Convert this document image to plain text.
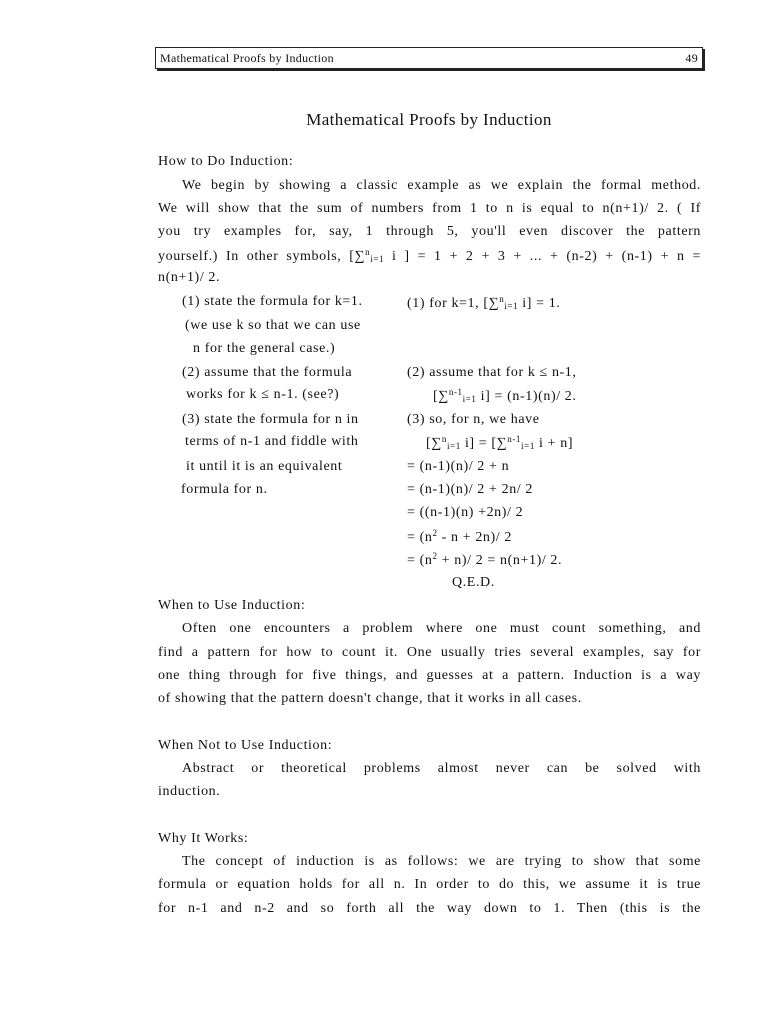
Mathematical Proofs by Induction	49
Mathematical Proofs by Induction
How to Do Induction:
We begin by showing a classic example as we explain the formal method.
We will show that the sum of numbers from 1 to n is equal to n(n+1)/ 2. ( If
you try examples for, say, 1 through 5, you'll even discover the pattern
yourself.) In other symbols, [∑$^n_{i=1}$ i ] = 1 + 2 + 3 + ... + (n-2) + (n-1) + n =
n(n+1)/ 2.
(1) state the formula for k=1.
(we use k so that we can use
n for the general case.)
(2) assume that the formula
works for k ≤ n-1. (see?)
(3) state the formula for n in
terms of n-1 and fiddle with
it until it is an equivalent
formula for n.
(1) for k=1, [∑$^n_{i=1}$ i] = 1.
(2) assume that for k ≤ n-1,
[∑$^{n-1}_{i=1}$ i] = (n-1)(n)/ 2.
(3) so, for n, we have
[∑$^n_{i=1}$ i] = [∑$^{n-1}_{i=1}$ i + n]
= (n-1)(n)/ 2 + n
= (n-1)(n)/ 2 + 2n/ 2
= ((n-1)(n) +2n)/ 2
= $(n^2 - n + 2n)/$ 2
= $(n^2 + n)/$ 2 = n(n+1)/ 2.
Q.E.D.
When to Use Induction:
Often one encounters a problem where one must count something, and
find a pattern for how to count it. One usually tries several examples, say for
one thing through for five things, and guesses at a pattern. Induction is a way
of showing that the pattern doesn't change, that it works in all cases.
When Not to Use Induction:
Abstract or theoretical problems almost never can be solved with
induction.
Why It Works:
The concept of induction is as follows: we are trying to show that some
formula or equation holds for all n. In order to do this, we assume it is true
for n-1 and n-2 and so forth all the way down to 1. Then (this is the
